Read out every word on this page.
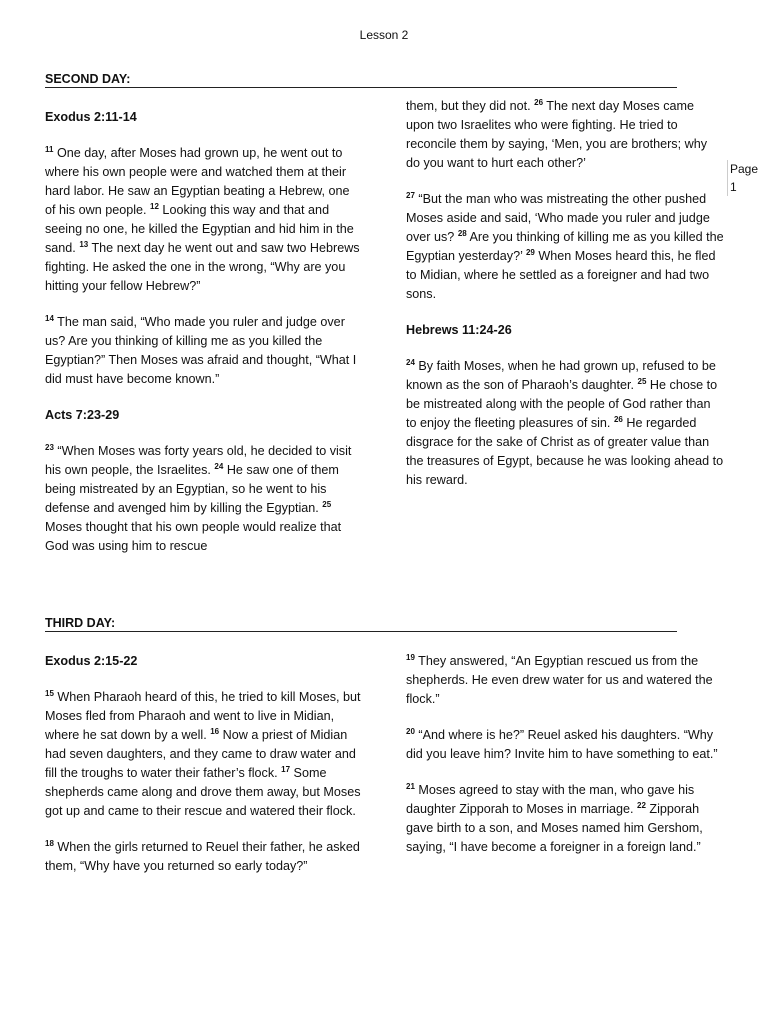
Lesson 2
Page
1
SECOND DAY:
Exodus 2:11-14

$^{11}$ One day, after Moses had grown up, he went out to where his own people were and watched them at their hard labor. He saw an Egyptian beating a Hebrew, one of his own people. $^{12}$ Looking this way and that and seeing no one, he killed the Egyptian and hid him in the sand. $^{13}$ The next day he went out and saw two Hebrews fighting. He asked the one in the wrong, “Why are you hitting your fellow Hebrew?”

$^{14}$ The man said, “Who made you ruler and judge over us? Are you thinking of killing me as you killed the Egyptian?” Then Moses was afraid and thought, “What I did must have become known.”

Acts 7:23-29

$^{23}$ “When Moses was forty years old, he decided to visit his own people, the Israelites. $^{24}$ He saw one of them being mistreated by an Egyptian, so he went to his defense and avenged him by killing the Egyptian. $^{25}$ Moses thought that his own people would realize that God was using him to rescue

them, but they did not. $^{26}$ The next day Moses came upon two Israelites who were fighting. He tried to reconcile them by saying, ‘Men, you are brothers; why do you want to hurt each other?’

$^{27}$ “But the man who was mistreating the other pushed Moses aside and said, ‘Who made you ruler and judge over us? $^{28}$ Are you thinking of killing me as you killed the Egyptian yesterday?’ $^{29}$ When Moses heard this, he fled to Midian, where he settled as a foreigner and had two sons.

Hebrews 11:24-26

$^{24}$ By faith Moses, when he had grown up, refused to be known as the son of Pharaoh’s daughter. $^{25}$ He chose to be mistreated along with the people of God rather than to enjoy the fleeting pleasures of sin. $^{26}$ He regarded disgrace for the sake of Christ as of greater value than the treasures of Egypt, because he was looking ahead to his reward.

THIRD DAY:
Exodus 2:15-22

$^{15}$ When Pharaoh heard of this, he tried to kill Moses, but Moses fled from Pharaoh and went to live in Midian, where he sat down by a well. $^{16}$ Now a priest of Midian had seven daughters, and they came to draw water and fill the troughs to water their father’s flock. $^{17}$ Some shepherds came along and drove them away, but Moses got up and came to their rescue and watered their flock.

$^{18}$ When the girls returned to Reuel their father, he asked them, “Why have you returned so early today?”

$^{19}$ They answered, “An Egyptian rescued us from the shepherds. He even drew water for us and watered the flock.”

$^{20}$ “And where is he?” Reuel asked his daughters. “Why did you leave him? Invite him to have something to eat.”

$^{21}$ Moses agreed to stay with the man, who gave his daughter Zipporah to Moses in marriage. $^{22}$ Zipporah gave birth to a son, and Moses named him Gershom, saying, “I have become a foreigner in a foreign land.”
